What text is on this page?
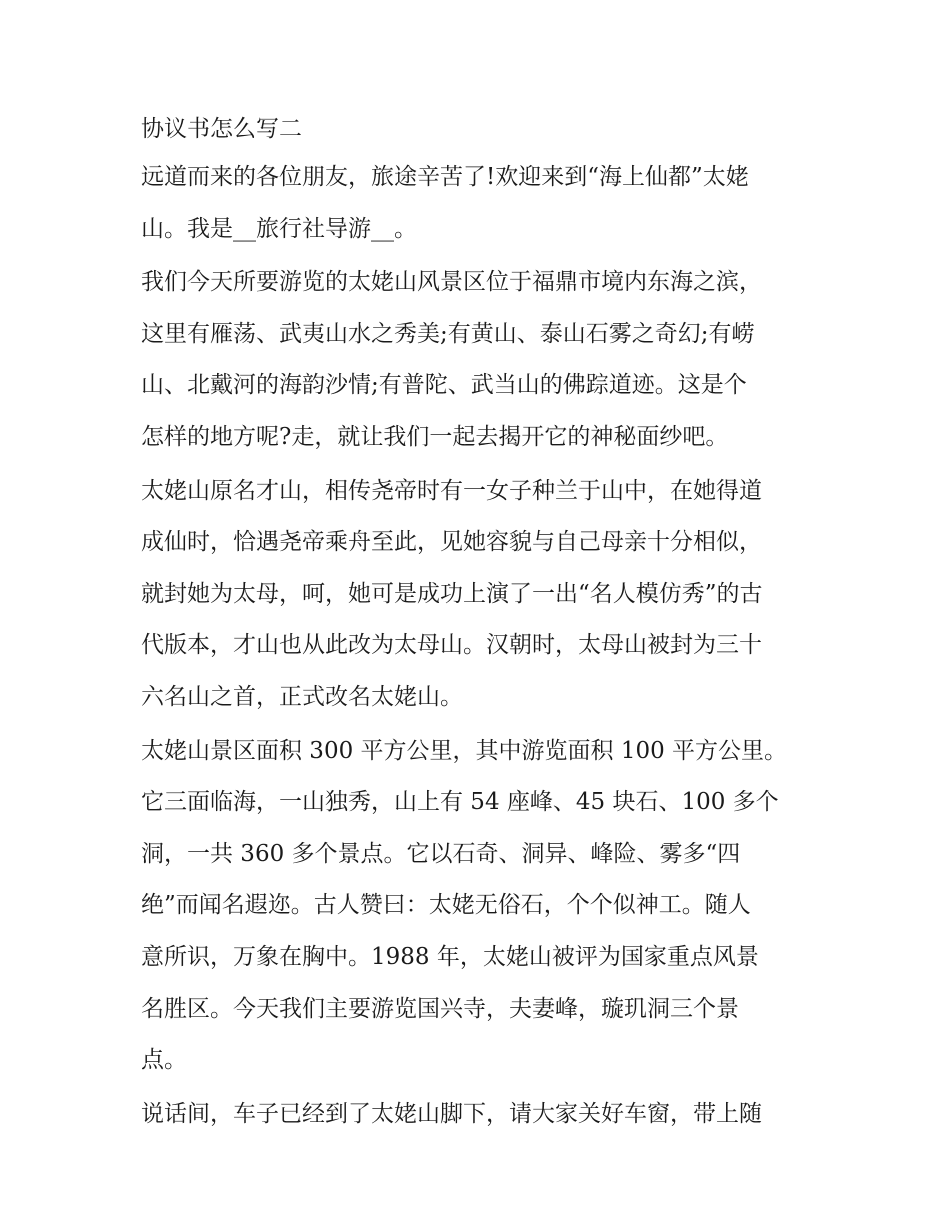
协议书怎么写二
远道而来的各位朋友，旅途辛苦了!欢迎来到“海上仙都”太姥
山。我是__旅行社导游__。
我们今天所要游览的太姥山风景区位于福鼎市境内东海之滨，
这里有雁荡、武夷山水之秀美;有黄山、泰山石雾之奇幻;有崂
山、北戴河的海韵沙情;有普陀、武当山的佛踪道迹。这是个
怎样的地方呢?走，就让我们一起去揭开它的神秘面纱吧。
太姥山原名才山，相传尧帝时有一女子种兰于山中，在她得道
成仙时，恰遇尧帝乘舟至此，见她容貌与自己母亲十分相似，
就封她为太母，呵，她可是成功上演了一出“名人模仿秀”的古
代版本，才山也从此改为太母山。汉朝时，太母山被封为三十
六名山之首，正式改名太姥山。
太姥山景区面积 300 平方公里，其中游览面积 100 平方公里。
它三面临海，一山独秀，山上有 54 座峰、45 块石、100 多个
洞，一共 360 多个景点。它以石奇、洞异、峰险、雾多“四
绝”而闻名遐迩。古人赞曰：太姥无俗石，个个似神工。随人
意所识，万象在胸中。1988 年，太姥山被评为国家重点风景
名胜区。今天我们主要游览国兴寺，夫妻峰，璇玑洞三个景
点。
说话间，车子已经到了太姥山脚下，请大家关好车窗，带上随
